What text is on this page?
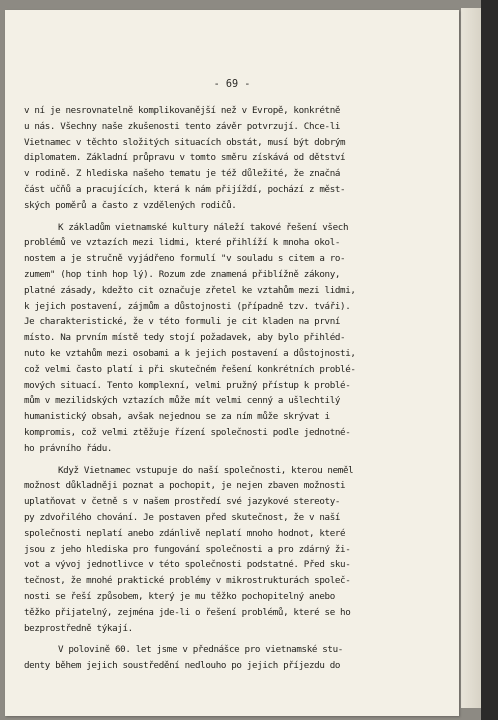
- 69 -

v ní je nesrovnatelně komplikovanější než v Evropě, konkrétně
u nás. Všechny naše zkušenosti tento závěr potvrzují. Chce-li
Vietnamec v těchto složitých situacích obstát, musí být dobrým
diplomatem. Základní průpravu v tomto směru získává od dětství
v rodině. Z hlediska našeho tematu je též důležité, že značná
část učňů a pracujících, která k nám přijíždí, pochází z měst-
ských poměrů a často z vzdělených rodičů.

K základům vietnamské kultury náleží takové řešení všech
problémů ve vztazích mezi lidmi, které přihlíží k mnoha okol-
nostem a je stručně vyjádřeno formulí "v souladu s citem a ro-
zumem" (hop tinh hop lý). Rozum zde znamená přiblížně zákony,
platné zásady, kdežto cit označuje zřetel ke vztahům mezi lidmi,
k jejich postavení, zájmům a důstojnosti (případně tzv. tváři).
Je charakteristické, že v této formuli je cit kladen na první
místo. Na prvním místě tedy stojí požadavek, aby bylo přihléd-
nuto ke vztahům mezi osobami a k jejich postavení a důstojnosti,
což velmi často platí i při skutečném řešení konkrétních problé-
mových situací. Tento komplexní, velmi pružný přístup k problé-
mům v mezilidských vztazích může mít velmi cenný a ušlechtilý
humanistický obsah, avšak nejednou se za ním může skrývat i
kompromis, což velmi ztěžuje řízení společnosti podle jednotné-
ho právního řádu.

Když Vietnamec vstupuje do naší společnosti, kterou neměl
možnost důkladněji poznat a pochopit, je nejen zbaven možnosti
uplatňovat v četně s v našem prostředí své jazykové stereoty-
py zdvořilého chování. Je postaven před skutečnost, že v naší
společnosti neplatí anebo zdánlivě neplatí mnoho hodnot, které
jsou z jeho hlediska pro fungování společnosti a pro zdárný ži-
vot a vývoj jednotlivce v této společnosti podstatné. Před sku-
tečnost, že mnohé praktické problémy v mikrostrukturách společ-
nosti se řeší způsobem, který je mu těžko pochopitelný anebo
těžko přijatelný, zejména jde-li o řešení problémů, které se ho
bezprostředně týkají.

V polovině 60. let jsme v přednášce pro vietnamské stu-
denty během jejich soustředění nedlouho po jejich příjezdu do
